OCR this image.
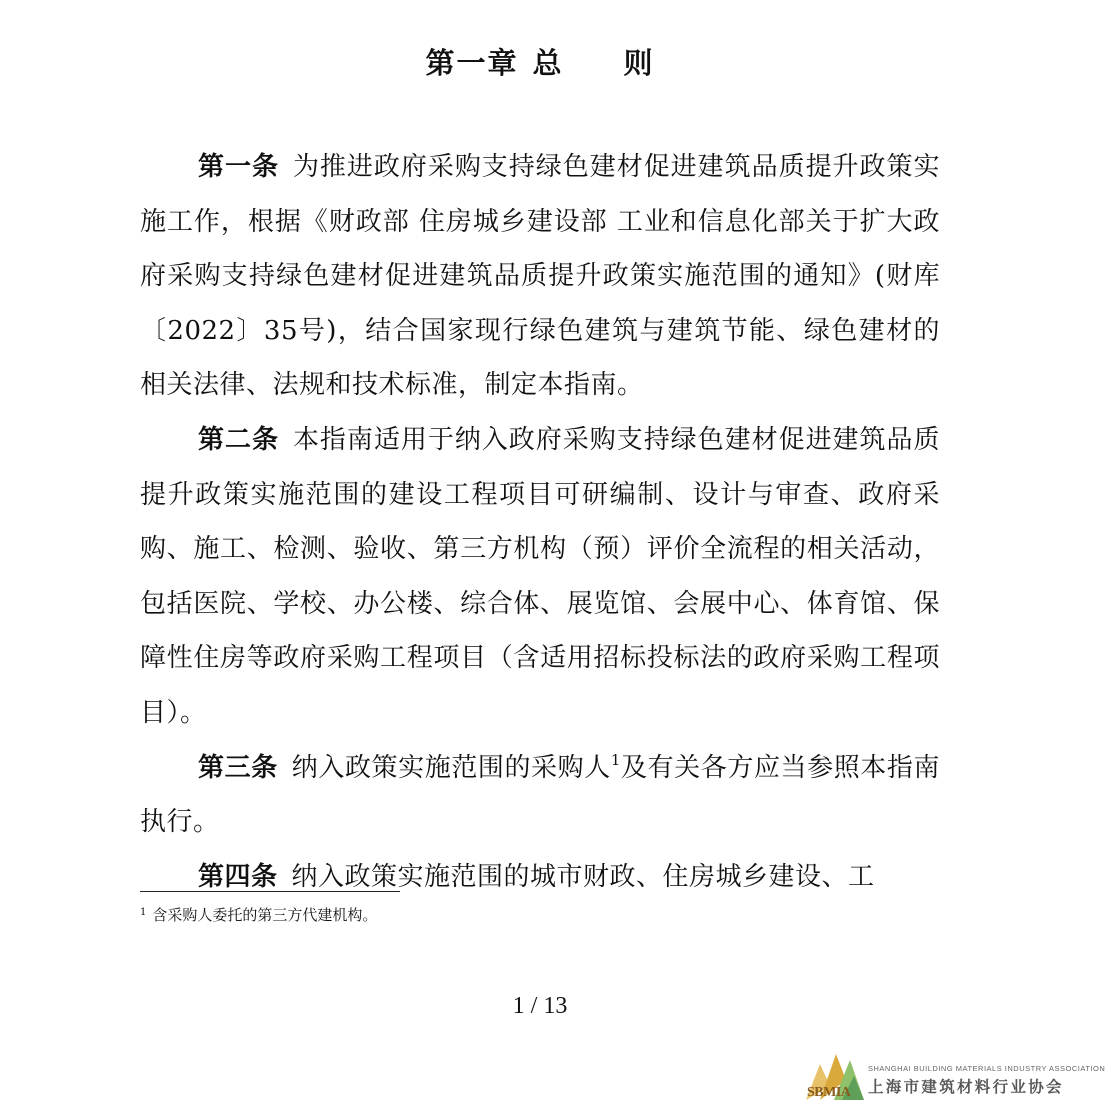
第一章 总 则

第一条 为推进政府采购支持绿色建材促进建筑品质提升政策实施工作，根据《财政部 住房城乡建设部 工业和信息化部关于扩大政府采购支持绿色建材促进建筑品质提升政策实施范围的通知》(财库〔2022〕35号)，结合国家现行绿色建筑与建筑节能、绿色建材的相关法律、法规和技术标准，制定本指南。

第二条 本指南适用于纳入政府采购支持绿色建材促进建筑品质提升政策实施范围的建设工程项目可研编制、设计与审查、政府采购、施工、检测、验收、第三方机构（预）评价全流程的相关活动，包括医院、学校、办公楼、综合体、展览馆、会展中心、体育馆、保障性住房等政府采购工程项目（含适用招标投标法的政府采购工程项目）。

第三条 纳入政策实施范围的采购人$^1$及有关各方应当参照本指南执行。

第四条 纳入政策实施范围的城市财政、住房城乡建设、工

$^1$ 含采购人委托的第三方代建机构。
1 / 13
SBMIA
SHANGHAI BUILDING MATERIALS INDUSTRY ASSOCIATION
上海市建筑材料行业协会
